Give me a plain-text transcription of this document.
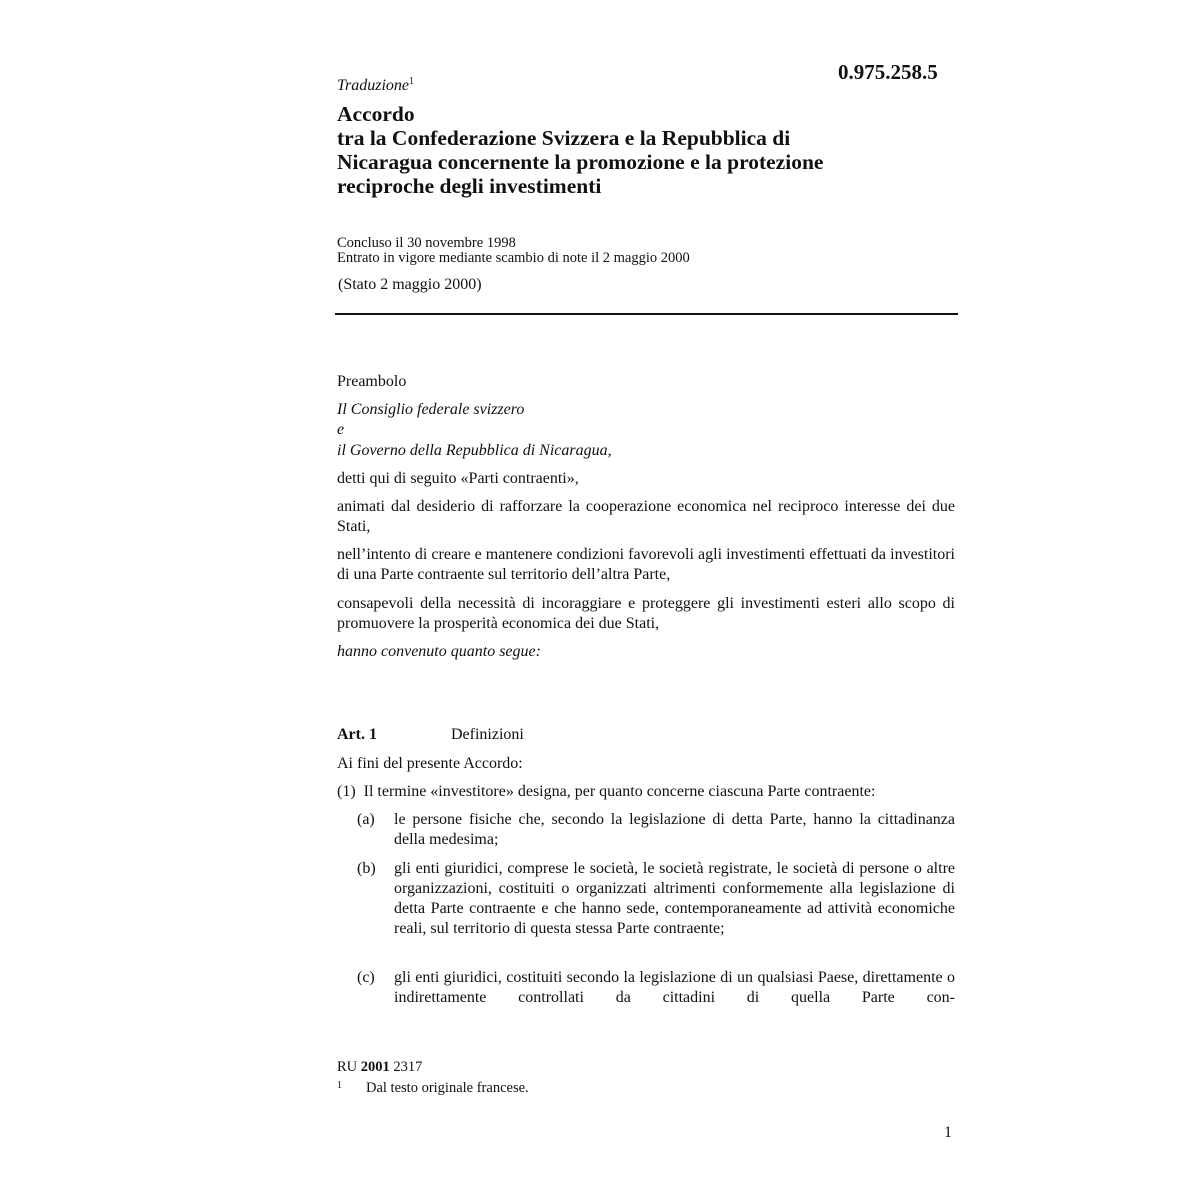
0.975.258.5
Traduzione$^1$
Accordo
tra la Confederazione Svizzera e la Repubblica di
Nicaragua concernente la promozione e la protezione
reciproche degli investimenti
Concluso il 30 novembre 1998
Entrato in vigore mediante scambio di note il 2 maggio 2000
(Stato 2 maggio 2000)
Preambolo
Il Consiglio federale svizzero
e
il Governo della Repubblica di Nicaragua,
detti qui di seguito «Parti contraenti»,
animati dal desiderio di rafforzare la cooperazione economica nel reciproco interesse dei due Stati,
nell’intento di creare e mantenere condizioni favorevoli agli investimenti effettuati da investitori di una Parte contraente sul territorio dell’altra Parte,
consapevoli della necessità di incoraggiare e proteggere gli investimenti esteri allo scopo di promuovere la prosperità economica dei due Stati,
hanno convenuto quanto segue:
Art. 1	Definizioni
Ai fini del presente Accordo:
(1)  Il termine «investitore» designa, per quanto concerne ciascuna Parte contraente:
(a)	le persone fisiche che, secondo la legislazione di detta Parte, hanno la cittadinanza della medesima;
(b)	gli enti giuridici, comprese le società, le società registrate, le società di persone o altre organizzazioni, costituiti o organizzati altrimenti conformemente alla legislazione di detta Parte contraente e che hanno sede, contemporaneamente ad attività economiche reali, sul territorio di questa stessa Parte contraente;
(c)	gli enti giuridici, costituiti secondo la legislazione di un qualsiasi Paese, direttamente o indirettamente controllati da cittadini di quella Parte con-
RU 2001 2317
$^1$ Dal testo originale francese.
1
